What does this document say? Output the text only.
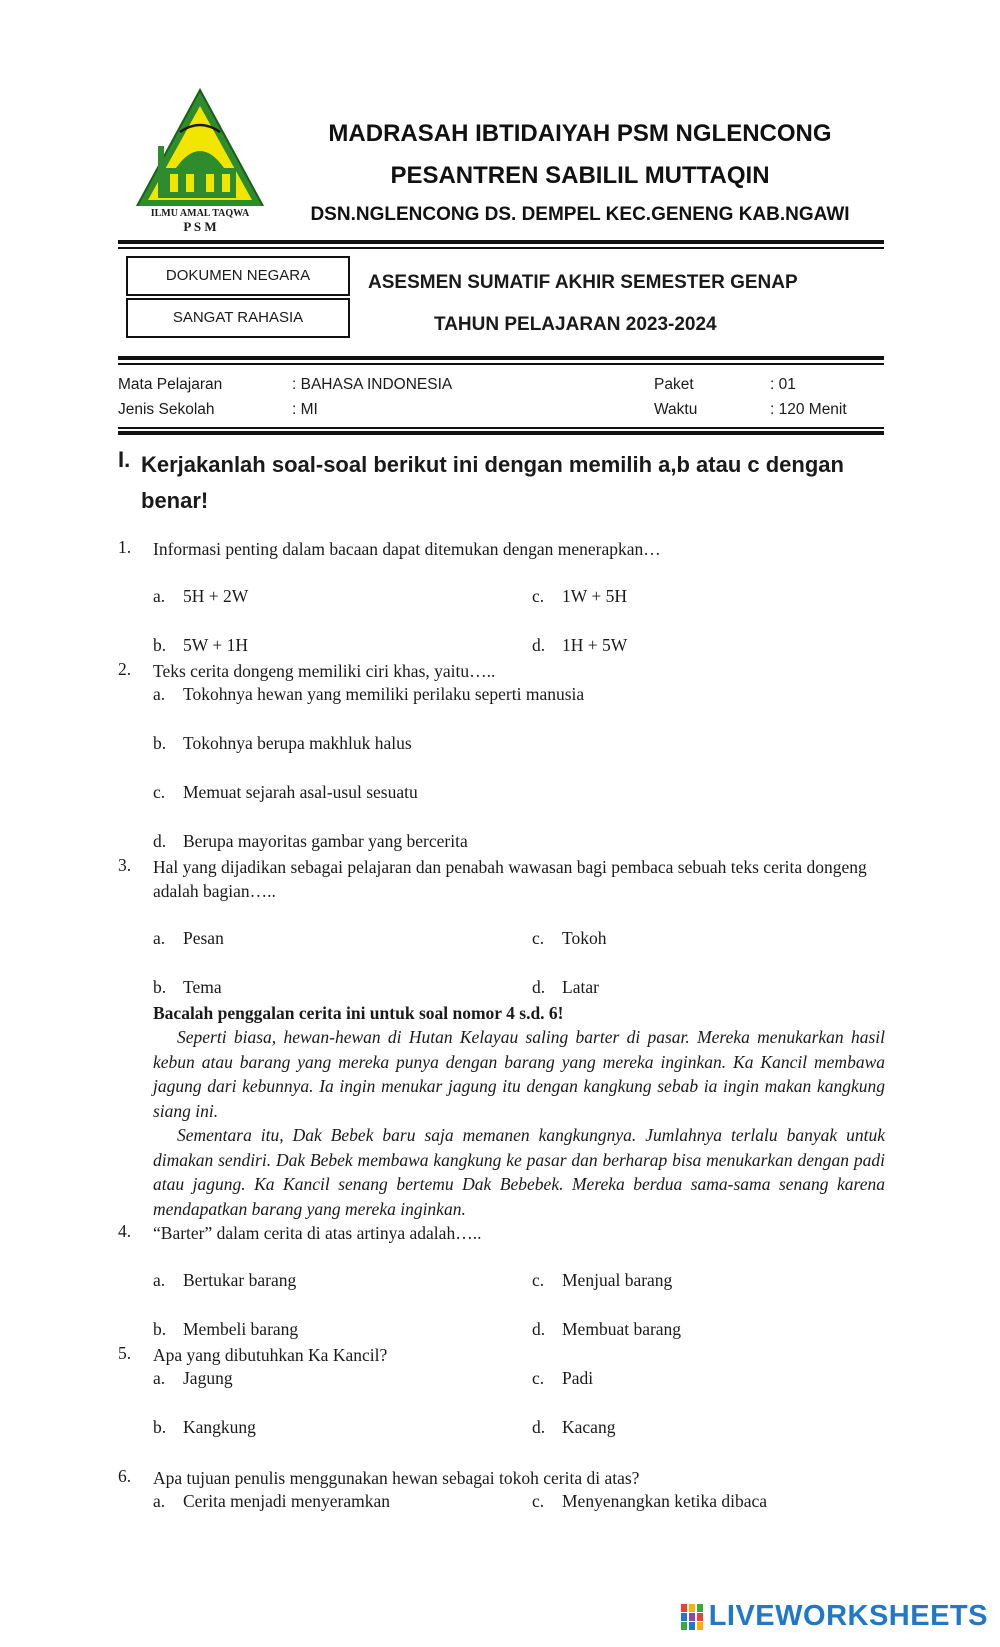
ILMU AMAL TAQWA
P S M
MADRASAH IBTIDAIYAH PSM NGLENCONG
PESANTREN SABILIL MUTTAQIN
DSN.NGLENCONG DS. DEMPEL KEC.GENENG KAB.NGAWI
DOKUMEN NEGARA
SANGAT RAHASIA
ASESMEN SUMATIF AKHIR SEMESTER GENAP
TAHUN PELAJARAN 2023-2024
Mata Pelajaran	: BAHASA INDONESIA	Paket	: 01
Jenis Sekolah	: MI	Waktu	: 120 Menit
I. Kerjakanlah soal-soal berikut ini dengan memilih a,b atau c dengan benar!
1. Informasi penting dalam bacaan dapat ditemukan dengan menerapkan…
a. 5H + 2W	c. 1W + 5H
b. 5W + 1H	d. 1H + 5W
2. Teks cerita dongeng memiliki ciri khas, yaitu…..
a. Tokohnya hewan yang memiliki perilaku seperti manusia
b. Tokohnya berupa makhluk halus
c. Memuat sejarah asal-usul sesuatu
d. Berupa mayoritas gambar yang bercerita
3. Hal yang dijadikan sebagai pelajaran dan penabah wawasan bagi pembaca sebuah teks cerita dongeng adalah bagian…..
a. Pesan	c. Tokoh
b. Tema	d. Latar
Bacalah penggalan cerita ini untuk soal nomor 4 s.d. 6!

Seperti biasa, hewan-hewan di Hutan Kelayau saling barter di pasar. Mereka menukarkan hasil kebun atau barang yang mereka punya dengan barang yang mereka inginkan. Ka Kancil membawa jagung dari kebunnya. Ia ingin menukar jagung itu dengan kangkung sebab ia ingin makan kangkung siang ini.

Sementara itu, Dak Bebek baru saja memanen kangkungnya. Jumlahnya terlalu banyak untuk dimakan sendiri. Dak Bebek membawa kangkung ke pasar dan berharap bisa menukarkan dengan padi atau jagung. Ka Kancil senang bertemu Dak Bebebek. Mereka berdua sama-sama senang karena mendapatkan barang yang mereka inginkan.

4. “Barter” dalam cerita di atas artinya adalah…..
a. Bertukar barang	c. Menjual barang
b. Membeli barang	d. Membuat barang
5. Apa yang dibutuhkan Ka Kancil?
a. Jagung	c. Padi
b. Kangkung	d. Kacang
6. Apa tujuan penulis menggunakan hewan sebagai tokoh cerita di atas?
a. Cerita menjadi menyeramkan	c. Menyenangkan ketika dibaca
LIVEWORKSHEETS
